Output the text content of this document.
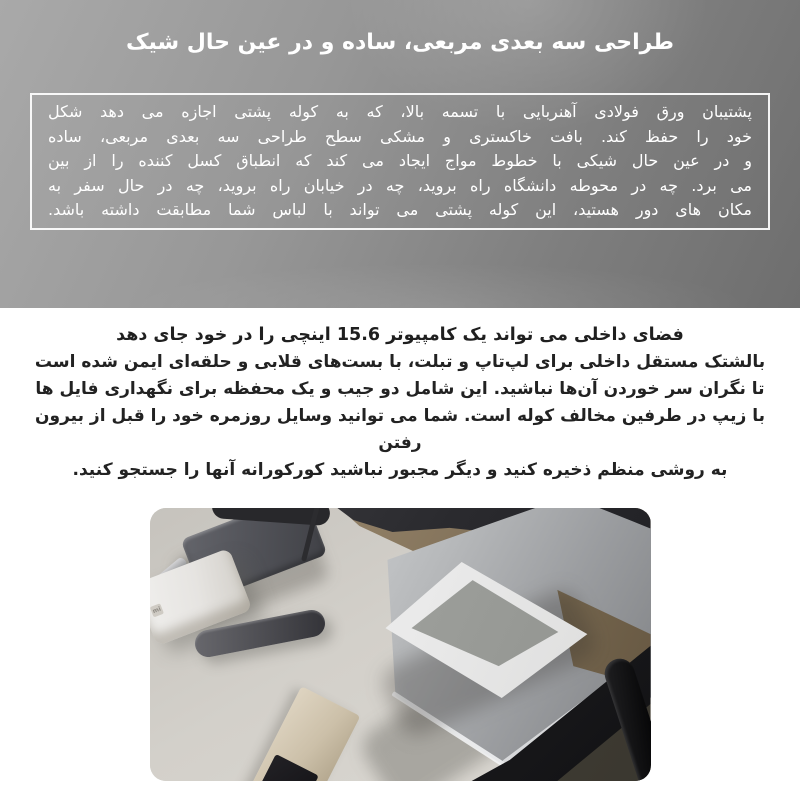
طراحی سه بعدی مربعی، ساده و در عین حال شیک
پشتیبان ورق فولادی آهنربایی با تسمه بالا، که به کوله پشتی اجازه می دهد شکل
خود را حفظ کند. بافت خاکستری و مشکی سطح طراحی سه بعدی مربعی، ساده
و در عین حال شیکی با خطوط مواج ایجاد می کند که انطباق کسل کننده را از بین
می برد. چه در محوطه دانشگاه راه بروید، چه در خیابان راه بروید، چه در حال سفر به
مکان های دور هستید، این کوله پشتی می تواند با لباس شما مطابقت داشته باشد.
فضای داخلی می تواند یک کامپیوتر 15.6 اینچی را در خود جای دهد
بالشتک مستقل داخلی برای لپ‌تاپ و تبلت، با بست‌های قلابی و حلقه‌ای ایمن شده است
تا نگران سر خوردن آن‌ها نباشید. این شامل دو جیب و یک محفظه برای نگهداری فایل ها
با زیپ در طرفین مخالف کوله است. شما می توانید وسایل روزمره خود را قبل از بیرون رفتن
به روشی منظم ذخیره کنید و دیگر مجبور نباشید کورکورانه آنها را جستجو کنید.
mi
